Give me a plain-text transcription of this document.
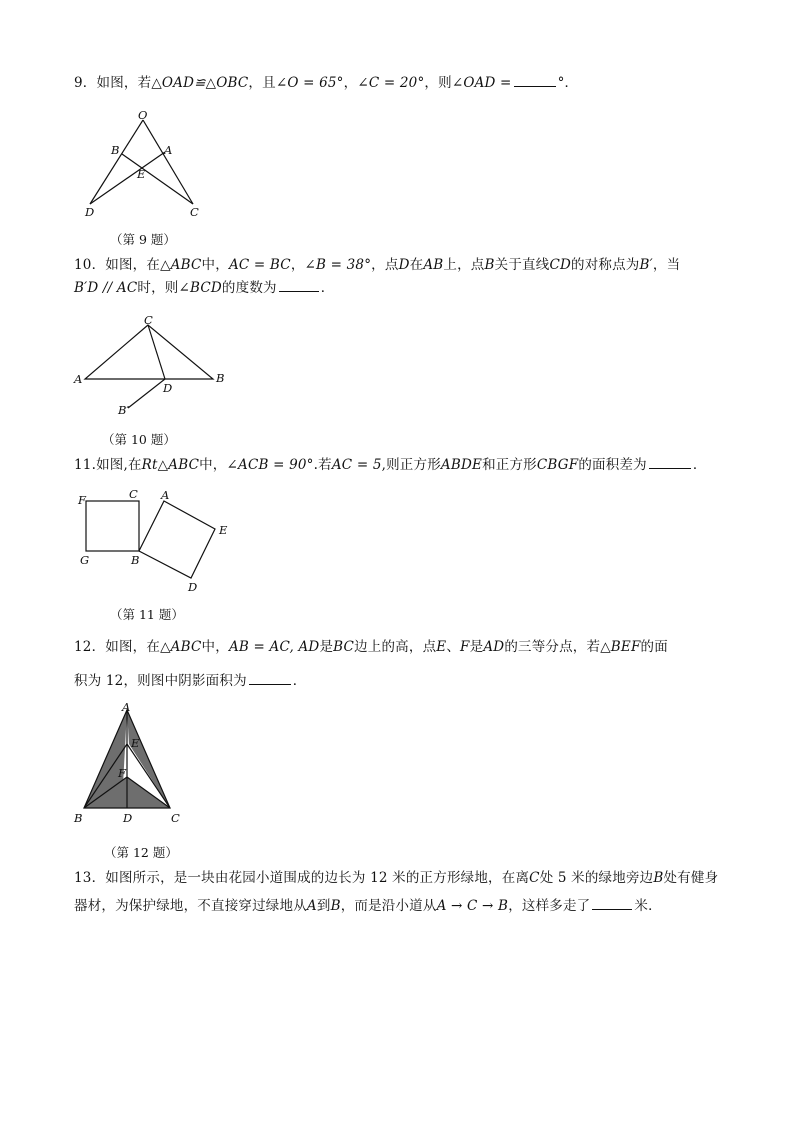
9．如图，若△OAD≌△OBC，且∠O = 65°，∠C = 20°，则∠OAD =	°．
O
B	A
E
D	C
（第 9 题）
10．如图，在△ABC中，AC = BC，∠B = 38°，点D在AB上，点B关于直线CD的对称点为B′，当
B′D // AC时，则∠BCD的度数为	．
C
A
D
B
B′
（第 10 题）
11.如图,在Rt△ABC中，∠ACB = 90°.若AC = 5,则正方形ABDE和正方形CBGF的面积差为	．
F	C A
E
G	B
D
（第 11 题）
12．如图，在△ABC中，AB = AC, AD是BC边上的高，点E、F是AD的三等分点，若△BEF的面
积为 12，则图中阴影面积为	．
A
E
F
B	D	C
（第 12 题）
13．如图所示，是一块由花园小道围成的边长为 12 米的正方形绿地，在离C处 5 米的绿地旁边B处有健身
器材，为保护绿地，不直接穿过绿地从A到B，而是沿小道从A → C → B，这样多走了	米．
